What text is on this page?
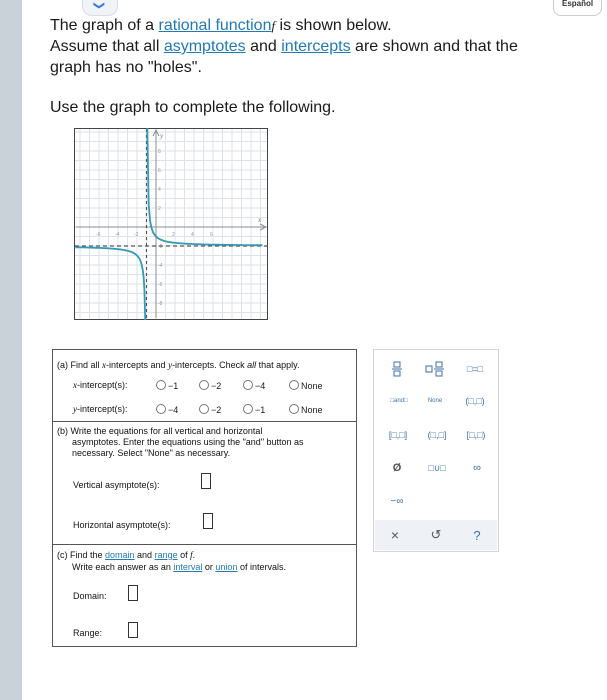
❯	Español
The graph of a rational functionf is shown below.
Assume that all asymptotes and intercepts are shown and that the
graph has no "holes".
Use the graph to complete the following.
x
y
-6	-4	-2	2	4	6
8
6
4
2
-2
-4
-6
-8
(a) Find all x-intercepts and y-intercepts. Check all that apply.
x-intercept(s):	−1	−2	−4	None
y-intercept(s):	−4	−2	−1	None
(b) Write the equations for all vertical and horizontal
asymptotes. Enter the equations using the "and" button as
necessary. Select "None" as necessary.
Vertical asymptote(s):
Horizontal asymptote(s):
(c) Find the domain and range of f.
Write each answer as an interval or union of intervals.
Domain:
Range:
□=□
□and□	None	(□,□)
[□,□]	(□,□]	[□,□)
Ø	□∪□	∞
−∞
×	↺	?
